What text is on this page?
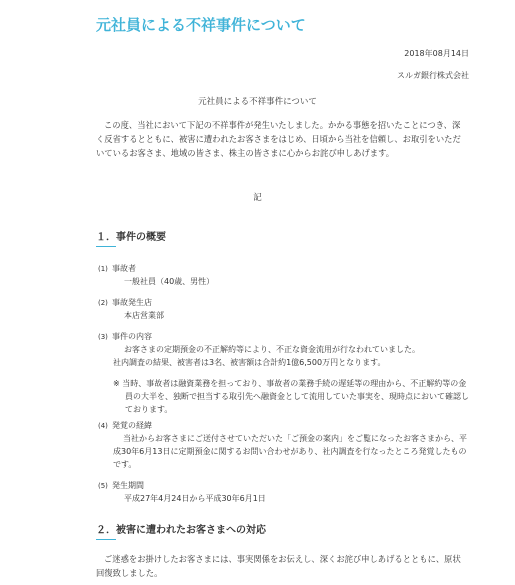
元社員による不祥事件について
2018年08月14日
スルガ銀行株式会社
元社員による不祥事件について

この度、当社において下記の不祥事件が発生いたしました。かかる事態を招いたことにつき、深く反省するとともに、被害に遭われたお客さまをはじめ、日頃から当社を信頼し、お取引をいただいているお客さま、地域の皆さま、株主の皆さまに心からお詫び申しあげます。

記
１．事件の概要
(1) 事故者
一般社員（40歳、男性）
(2) 事故発生店
本店営業部
(3) 事件の内容
お客さまの定期預金の不正解約等により、不正な資金流用が行なわれていました。
社内調査の結果、被害者は3名、被害額は合計約1億6,500万円となります。
※ 当時、事故者は融資業務を担っており、事故者の業務手続の遅延等の理由から、不正解約等の金員の大半を、独断で担当する取引先へ融資金として流用していた事実を、現時点において確認しております。
(4) 発覚の経緯
当社からお客さまにご送付させていただいた「ご預金の案内」をご覧になったお客さまから、平成30年6月13日に定期預金に関するお問い合わせがあり、社内調査を行なったところ発覚したものです。
(5) 発生期間
平成27年4月24日から平成30年6月1日
２．被害に遭われたお客さまへの対応

ご迷惑をお掛けしたお客さまには、事実関係をお伝えし、深くお詫び申しあげるとともに、原状回復致しました。
